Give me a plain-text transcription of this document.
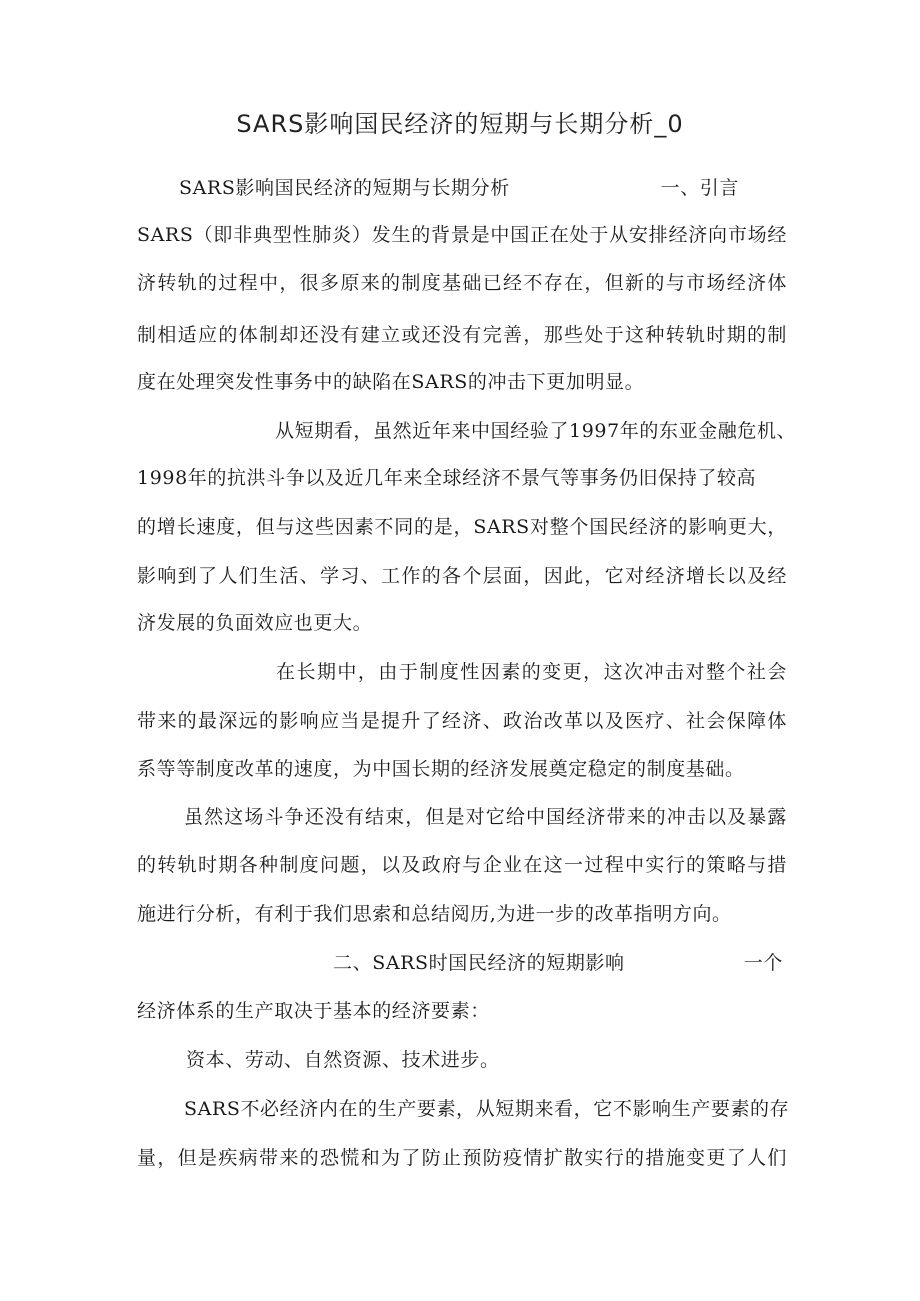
SARS影响国民经济的短期与长期分析_0
SARS影响国民经济的短期与长期分析	一、引言

SARS（即非典型性肺炎）发生的背景是中国正在处于从安排经济向市场经

济转轨的过程中，很多原来的制度基础已经不存在，但新的与市场经济体

制相适应的体制却还没有建立或还没有完善，那些处于这种转轨时期的制

度在处理突发性事务中的缺陷在SARS的冲击下更加明显。

从短期看，虽然近年来中国经验了1997年的东亚金融危机、

1998年的抗洪斗争以及近几年来全球经济不景气等事务仍旧保持了较高

的增长速度，但与这些因素不同的是，SARS对整个国民经济的影响更大，

影响到了人们生活、学习、工作的各个层面，因此，它对经济增长以及经

济发展的负面效应也更大。

在长期中，由于制度性因素的变更，这次冲击对整个社会

带来的最深远的影响应当是提升了经济、政治改革以及医疗、社会保障体

系等等制度改革的速度，为中国长期的经济发展奠定稳定的制度基础。

虽然这场斗争还没有结束，但是对它给中国经济带来的冲击以及暴露

的转轨时期各种制度问题，以及政府与企业在这一过程中实行的策略与措

施进行分析，有利于我们思索和总结阅历,为进一步的改革指明方向。

二、SARS时国民经济的短期影响	一个

经济体系的生产取决于基本的经济要素：

资本、劳动、自然资源、技术进步。

SARS不必经济内在的生产要素，从短期来看，它不影响生产要素的存

量，但是疾病带来的恐慌和为了防止预防疫情扩散实行的措施变更了人们
